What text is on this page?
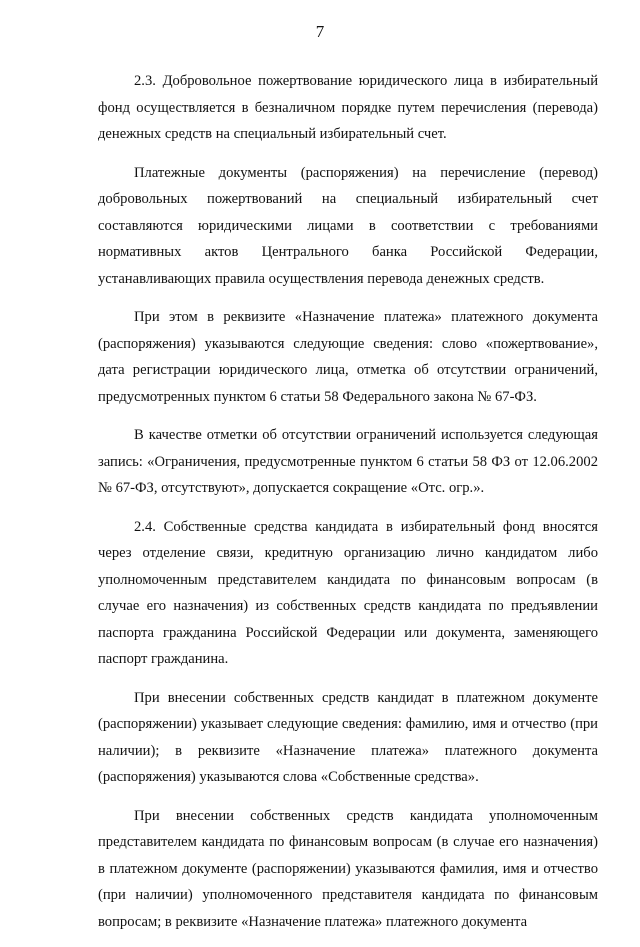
7

2.3. Добровольное пожертвование юридического лица в избирательный фонд осуществляется в безналичном порядке путем перечисления (перевода) денежных средств на специальный избирательный счет.

Платежные документы (распоряжения) на перечисление (перевод) добровольных пожертвований на специальный избирательный счет составляются юридическими лицами в соответствии с требованиями нормативных актов Центрального банка Российской Федерации, устанавливающих правила осуществления перевода денежных средств.

При этом в реквизите «Назначение платежа» платежного документа (распоряжения) указываются следующие сведения: слово «пожертвование», дата регистрации юридического лица, отметка об отсутствии ограничений, предусмотренных пунктом 6 статьи 58 Федерального закона № 67-ФЗ.

В качестве отметки об отсутствии ограничений используется следующая запись: «Ограничения, предусмотренные пунктом 6 статьи 58 ФЗ от 12.06.2002 № 67-ФЗ, отсутствуют», допускается сокращение «Отс. огр.».

2.4. Собственные средства кандидата в избирательный фонд вносятся через отделение связи, кредитную организацию лично кандидатом либо уполномоченным представителем кандидата по финансовым вопросам (в случае его назначения) из собственных средств кандидата по предъявлении паспорта гражданина Российской Федерации или документа, заменяющего паспорт гражданина.

При внесении собственных средств кандидат в платежном документе (распоряжении) указывает следующие сведения: фамилию, имя и отчество (при наличии); в реквизите «Назначение платежа» платежного документа (распоряжения) указываются слова «Собственные средства».

При внесении собственных средств кандидата уполномоченным представителем кандидата по финансовым вопросам (в случае его назначения) в платежном документе (распоряжении) указываются фамилия, имя и отчество (при наличии) уполномоченного представителя кандидата по финансовым вопросам; в реквизите «Назначение платежа» платежного документа
